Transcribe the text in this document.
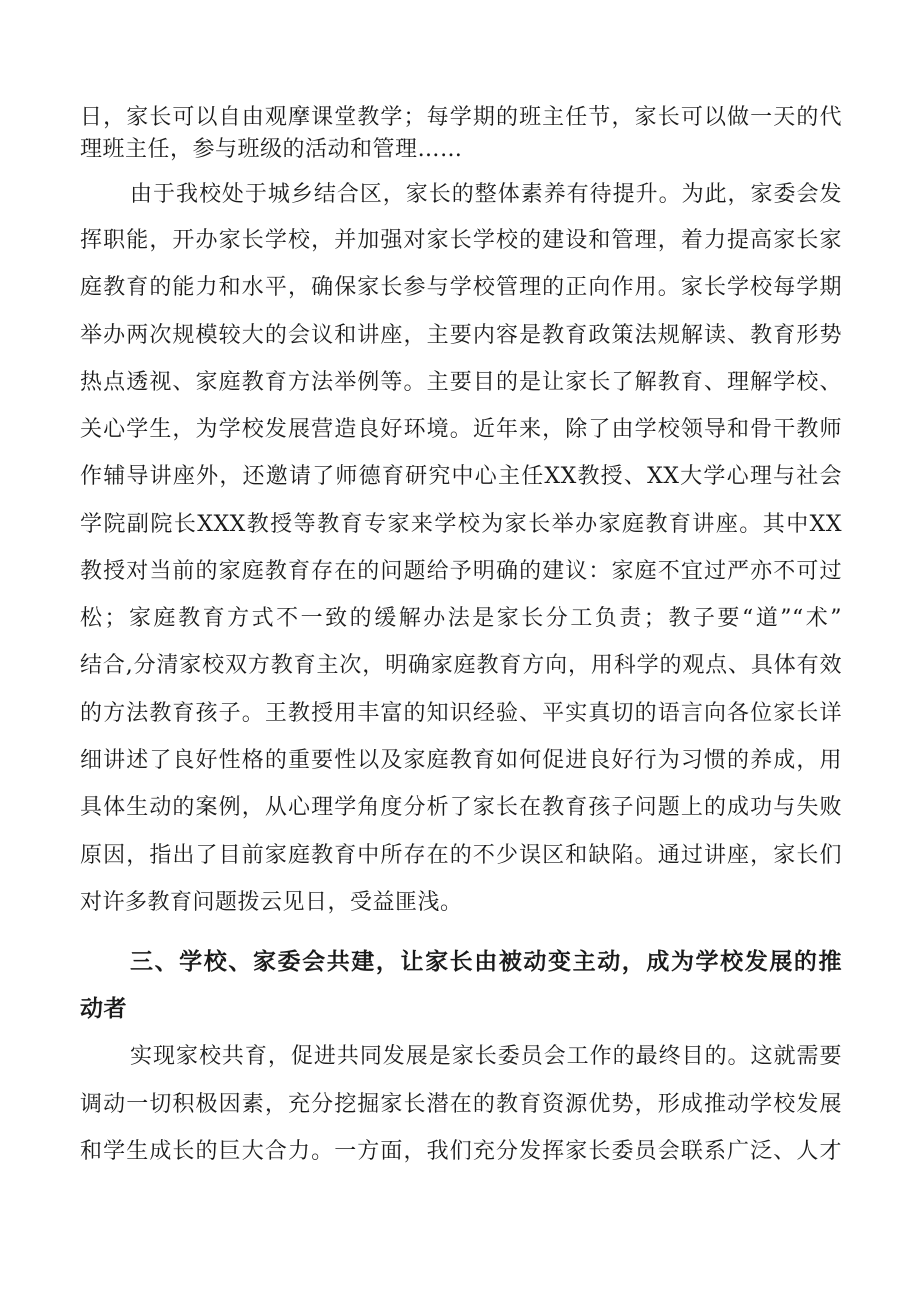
日，家长可以自由观摩课堂教学；每学期的班主任节，家长可以做一天的代
理班主任，参与班级的活动和管理……
由于我校处于城乡结合区，家长的整体素养有待提升。为此，家委会发
挥职能，开办家长学校，并加强对家长学校的建设和管理，着力提高家长家
庭教育的能力和水平，确保家长参与学校管理的正向作用。家长学校每学期
举办两次规模较大的会议和讲座，主要内容是教育政策法规解读、教育形势
热点透视、家庭教育方法举例等。主要目的是让家长了解教育、理解学校、
关心学生，为学校发展营造良好环境。近年来，除了由学校领导和骨干教师
作辅导讲座外，还邀请了师德育研究中心主任XX教授、XX大学心理与社会
学院副院长XXX教授等教育专家来学校为家长举办家庭教育讲座。其中XX
教授对当前的家庭教育存在的问题给予明确的建议：家庭不宜过严亦不可过
松；家庭教育方式不一致的缓解办法是家长分工负责；教子要“道”“术”
结合,分清家校双方教育主次，明确家庭教育方向，用科学的观点、具体有效
的方法教育孩子。王教授用丰富的知识经验、平实真切的语言向各位家长详
细讲述了良好性格的重要性以及家庭教育如何促进良好行为习惯的养成，用
具体生动的案例，从心理学角度分析了家长在教育孩子问题上的成功与失败
原因，指出了目前家庭教育中所存在的不少误区和缺陷。通过讲座，家长们
对许多教育问题拨云见日，受益匪浅。
三、学校、家委会共建，让家长由被动变主动，成为学校发展的推
动者
实现家校共育，促进共同发展是家长委员会工作的最终目的。这就需要
调动一切积极因素，充分挖掘家长潜在的教育资源优势，形成推动学校发展
和学生成长的巨大合力。一方面，我们充分发挥家长委员会联系广泛、人才
